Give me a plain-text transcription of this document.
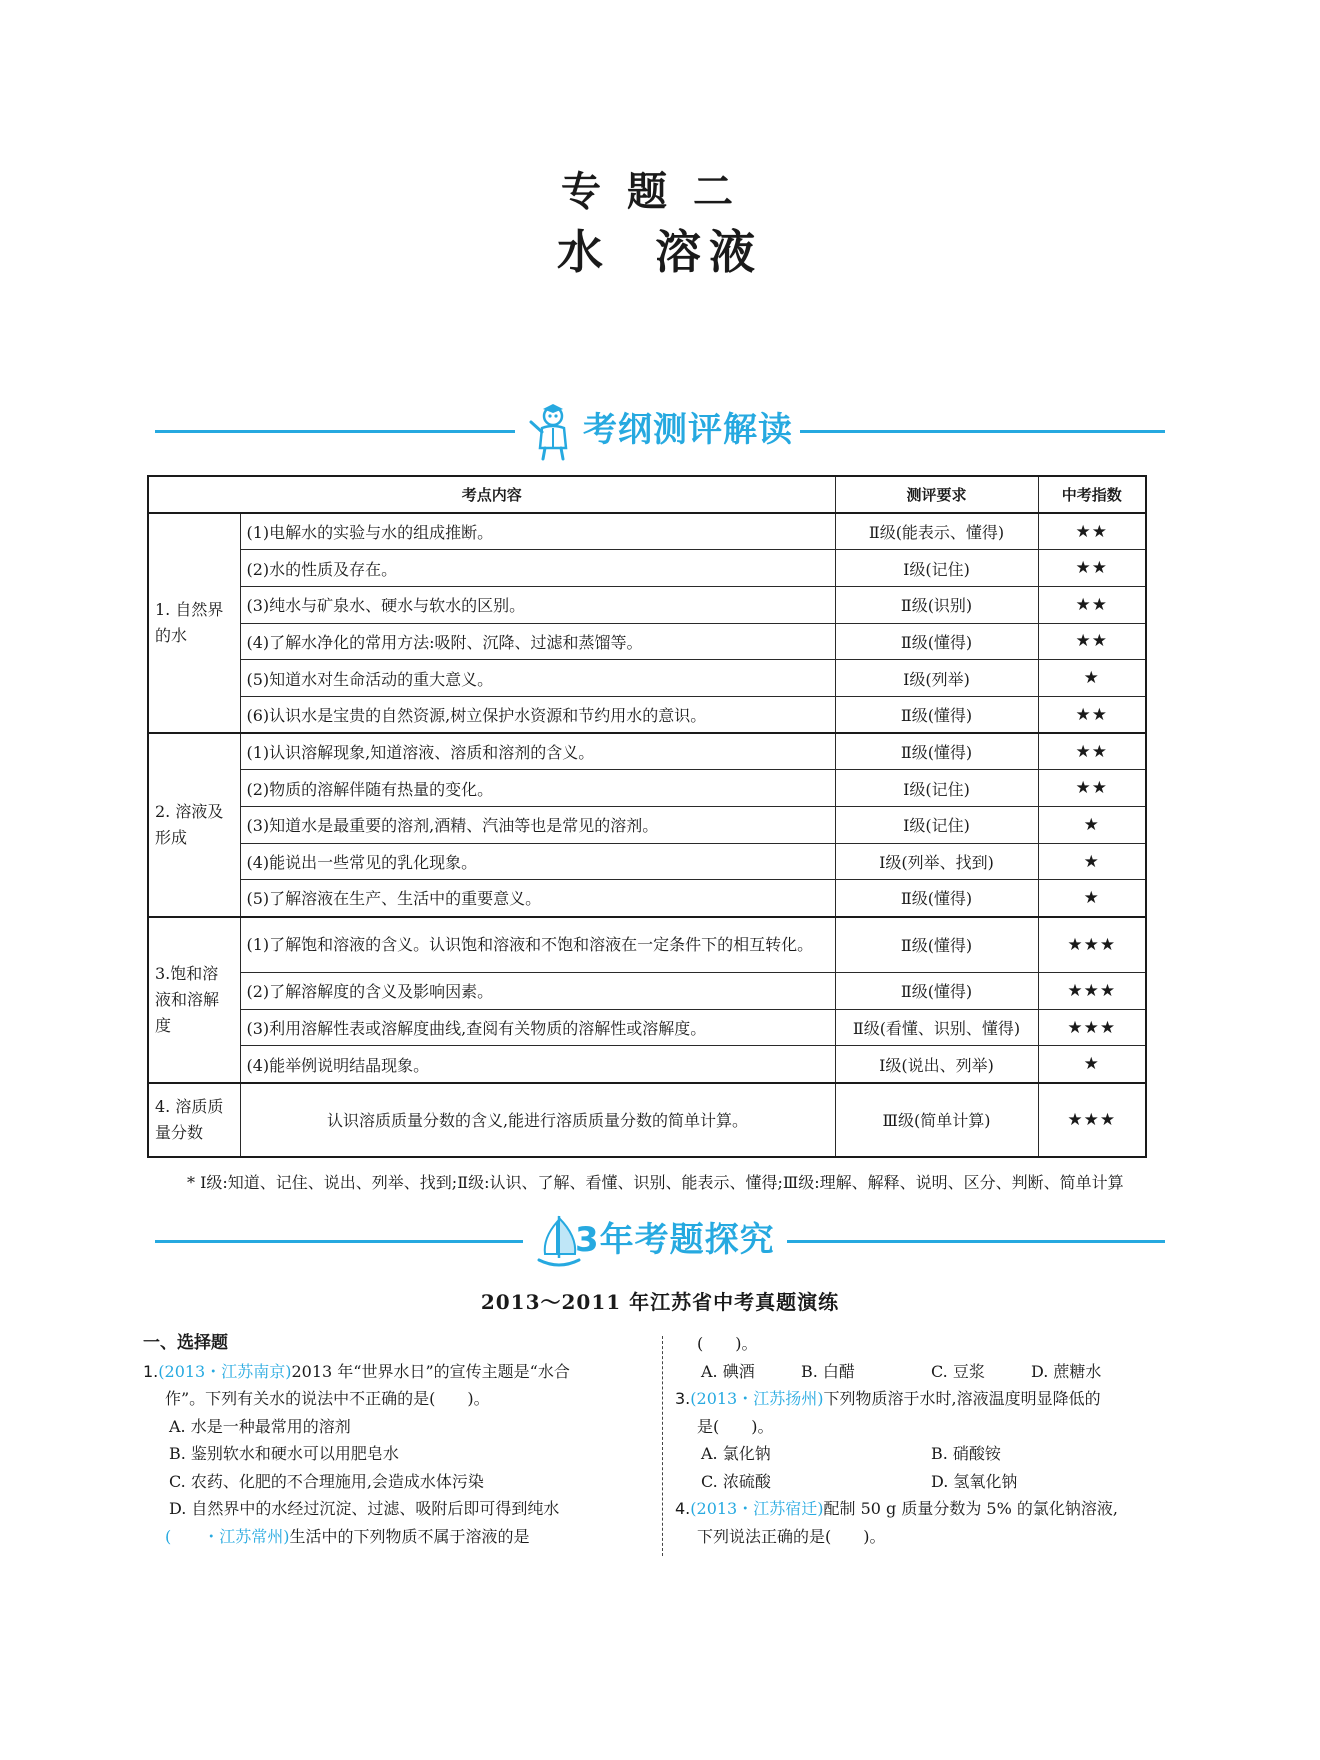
专题二
水 溶液
考纲测评解读
考点内容		测评要求	中考指数
1. 自然界的水	(1)电解水的实验与水的组成推断。	Ⅱ级(能表示、懂得)	★★
	(2)水的性质及存在。	Ⅰ级(记住)	★★
	(3)纯水与矿泉水、硬水与软水的区别。	Ⅱ级(识别)	★★
	(4)了解水净化的常用方法:吸附、沉降、过滤和蒸馏等。	Ⅱ级(懂得)	★★
	(5)知道水对生命活动的重大意义。	Ⅰ级(列举)	★
	(6)认识水是宝贵的自然资源,树立保护水资源和节约用水的意识。	Ⅱ级(懂得)	★★
2. 溶液及形成	(1)认识溶解现象,知道溶液、溶质和溶剂的含义。	Ⅱ级(懂得)	★★
	(2)物质的溶解伴随有热量的变化。	Ⅰ级(记住)	★★
	(3)知道水是最重要的溶剂,酒精、汽油等也是常见的溶剂。	Ⅰ级(记住)	★
	(4)能说出一些常见的乳化现象。	Ⅰ级(列举、找到)	★
	(5)了解溶液在生产、生活中的重要意义。	Ⅱ级(懂得)	★
3.饱和溶液和溶解度	(1)了解饱和溶液的含义。认识饱和溶液和不饱和溶液在一定条件下的相互转化。	Ⅱ级(懂得)	★★★
	(2)了解溶解度的含义及影响因素。	Ⅱ级(懂得)	★★★
	(3)利用溶解性表或溶解度曲线,查阅有关物质的溶解性或溶解度。	Ⅱ级(看懂、识别、懂得)	★★★
	(4)能举例说明结晶现象。	Ⅰ级(说出、列举)	★
4. 溶质质量分数	认识溶质质量分数的含义,能进行溶质质量分数的简单计算。	Ⅲ级(简单计算)	★★★
* Ⅰ级:知道、记住、说出、列举、找到;Ⅱ级:认识、了解、看懂、识别、能表示、懂得;Ⅲ级:理解、解释、说明、区分、判断、简单计算
3年考题探究
2013～2011 年江苏省中考真题演练
一、选择题
1.(2013・江苏南京)2013 年“世界水日”的宣传主题是“水合
作”。下列有关水的说法中不正确的是(　　)。
A. 水是一种最常用的溶剂
B. 鉴别软水和硬水可以用肥皂水
C. 农药、化肥的不合理施用,会造成水体污染
D. 自然界中的水经过沉淀、过滤、吸附后即可得到纯水
(　　・江苏常州)生活中的下列物质不属于溶液的是
(　　)。
A. 碘酒	B. 白醋	C. 豆浆	D. 蔗糖水
3.(2013・江苏扬州)下列物质溶于水时,溶液温度明显降低的
是(　　)。
A. 氯化钠	B. 硝酸铵
C. 浓硫酸	D. 氢氧化钠
4.(2013・江苏宿迁)配制 50 g 质量分数为 5% 的氯化钠溶液,
下列说法正确的是(　　)。
